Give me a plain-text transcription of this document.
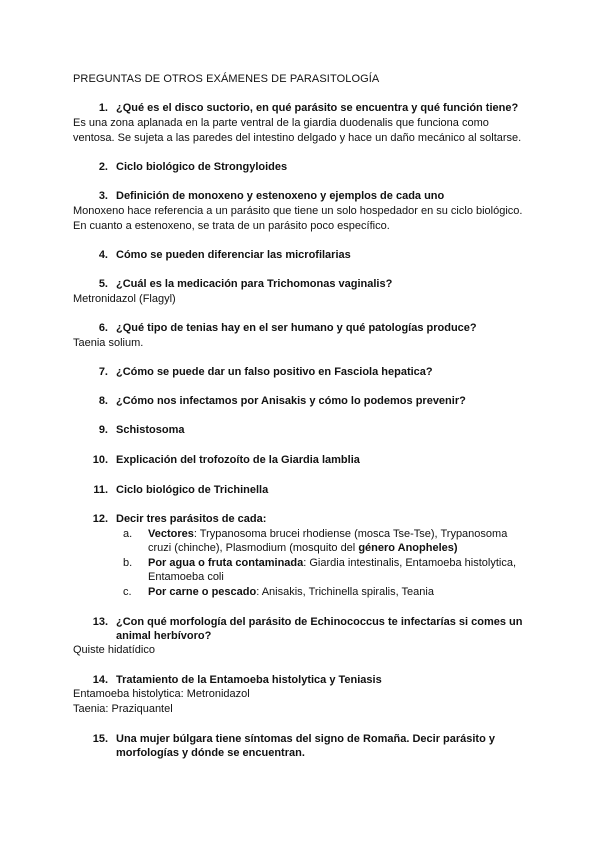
PREGUNTAS DE OTROS EXÁMENES DE PARASITOLOGÍA
1. ¿Qué es el disco suctorio, en qué parásito se encuentra y qué función tiene?
Es una zona aplanada en la parte ventral de la giardia duodenalis que funciona como
ventosa. Se sujeta a las paredes del intestino delgado y hace un daño mecánico al soltarse.
2. Ciclo biológico de Strongyloides
3. Definición de monoxeno y estenoxeno y ejemplos de cada uno
Monoxeno hace referencia a un parásito que tiene un solo hospedador en su ciclo biológico.
En cuanto a estenoxeno, se trata de un parásito poco específico.
4. Cómo se pueden diferenciar las microfilarias
5. ¿Cuál es la medicación para Trichomonas vaginalis?
Metronidazol (Flagyl)
6. ¿Qué tipo de tenias hay en el ser humano y qué patologías produce?
Taenia solium.
7. ¿Cómo se puede dar un falso positivo en Fasciola hepatica?
8. ¿Cómo nos infectamos por Anisakis y cómo lo podemos prevenir?
9. Schistosoma
10. Explicación del trofozoíto de la Giardia lamblia
11. Ciclo biológico de Trichinella
12. Decir tres parásitos de cada:
a.	Vectores: Trypanosoma brucei rhodiense (mosca Tse-Tse), Trypanosoma
cruzi (chinche), Plasmodium (mosquito del género Anopheles)
b.	Por agua o fruta contaminada: Giardia intestinalis, Entamoeba histolytica,
Entamoeba coli
c.	Por carne o pescado: Anisakis, Trichinella spiralis, Teania
13. ¿Con qué morfología del parásito de Echinococcus te infectarías si comes un
animal herbívoro?
Quiste hidatídico
14. Tratamiento de la Entamoeba histolytica y Teniasis
Entamoeba histolytica: Metronidazol
Taenia: Praziquantel
15. Una mujer búlgara tiene síntomas del signo de Romaña. Decir parásito y
morfologías y dónde se encuentran.
